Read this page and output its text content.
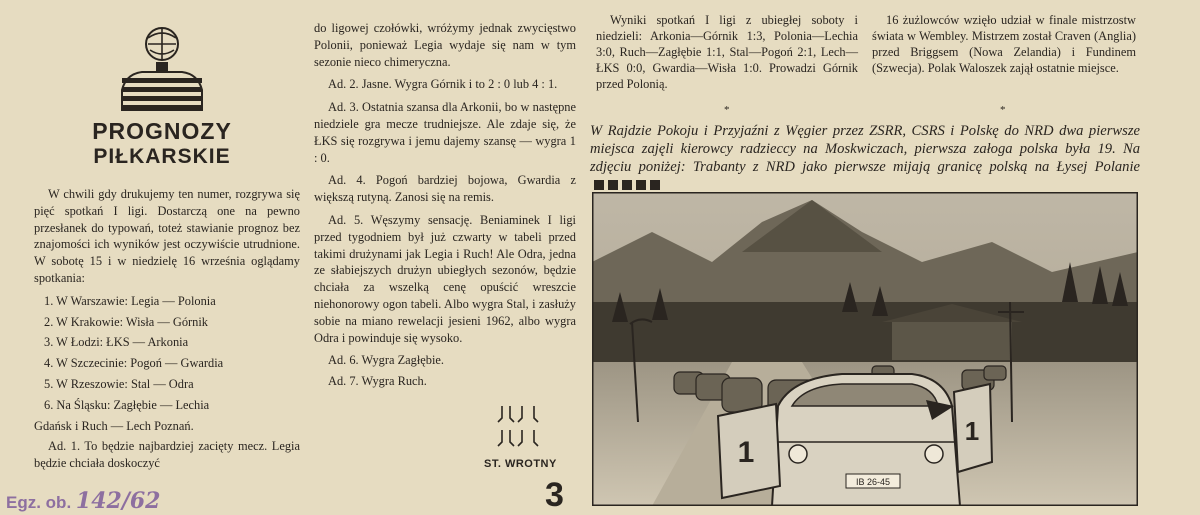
PROGNOZY
PIŁKARSKIE

W chwili gdy drukujemy ten numer, rozgrywa się pięć spotkań I ligi. Dostarczą one na pewno przesłanek do typowań, toteż stawianie prognoz bez znajomości ich wyników jest oczywiście utrudnione. W sobotę 15 i w niedzielę 16 września oglądamy spotkania:

1. W Warszawie: Legia — Polonia
2. W Krakowie: Wisła — Górnik
3. W Łodzi: ŁKS — Arkonia
4. W Szczecinie: Pogoń — Gwardia
5. W Rzeszowie: Stal — Odra
6. Na Śląsku: Zagłębie — Lechia
Gdańsk i Ruch — Lech Poznań.

Ad. 1. To będzie najbardziej zacięty mecz. Legia będzie chciała doskoczyć

do ligowej czołówki, wróżymy jednak zwycięstwo Polonii, ponieważ Legia wydaje się nam w tym sezonie nieco chimeryczna.

Ad. 2. Jasne. Wygra Górnik i to 2 : 0 lub 4 : 1.

Ad. 3. Ostatnia szansa dla Arkonii, bo w następne niedziele gra mecze trudniejsze. Ale zdaje się, że ŁKS się rozgrywa i jemu dajemy szansę — wygra 1 : 0.

Ad. 4. Pogoń bardziej bojowa, Gwardia z większą rutyną. Zanosi się na remis.

Ad. 5. Węszymy sensację. Beniaminek I ligi przed tygodniem był już czwarty w tabeli przed takimi drużynami jak Legia i Ruch! Ale Odra, jedna ze słabiejszych drużyn ubiegłych sezonów, będzie chciała za wszelką cenę opuścić wreszcie niehonorowy ogon tabeli. Albo wygra Stal, i zasłuży sobie na miano rewelacji jesieni 1962, albo wygra Odra i powinduje się wysoko.

Ad. 6. Wygra Zagłębie.

Ad. 7. Wygra Ruch.

ST. WROTNY
3

Wyniki spotkań I ligi z ubiegłej soboty i niedzieli: Arkonia—Górnik 1:3, Polonia—Lechia 3:0, Ruch—Zagłębie 1:1, Stal—Pogoń 2:1, Lech—ŁKS 0:0, Gwardia—Wisła 1:0. Prowadzi Górnik przed Polonią.

*

16 żużlowców wzięło udział w finale mistrzostw świata w Wembley. Mistrzem został Craven (Anglia) przed Briggsem (Nowa Zelandia) i Fundinem (Szwecja). Polak Waloszek zajął ostatnie miejsce.

*
W Rajdzie Pokoju i Przyjaźni z Węgier przez ZSRR, CSRS i Polskę do NRD dwa pierwsze miejsca zajęli kierowcy radzieccy na Moskwiczach, pierwsza załoga polska była 19. Na zdjęciu poniżej: Trabanty z NRD jako pierwsze mijają granicę polską na Łysej Polanie
IB 26-45
1
1
Egz. ob. 142/62
